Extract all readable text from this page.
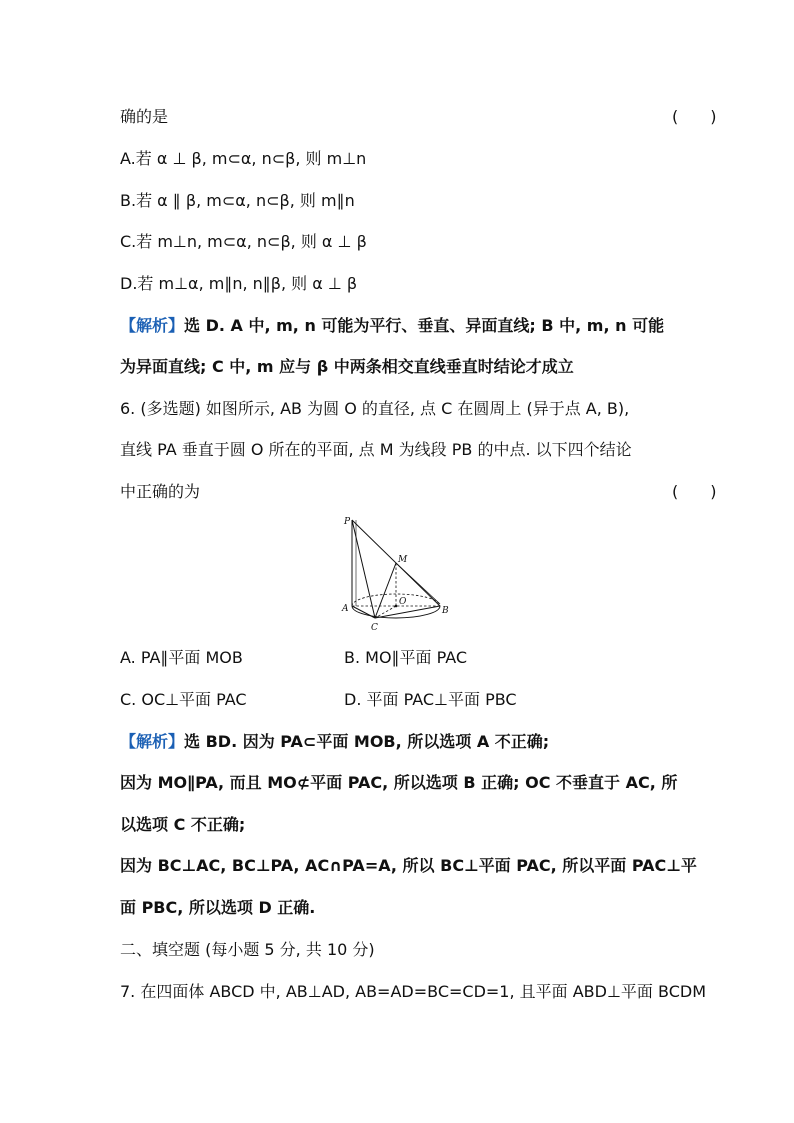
确的是	(　　)
A.若 α ⊥ β, m⊂α, n⊂β, 则 m⊥n
B.若 α ∥ β, m⊂α, n⊂β, 则 m∥n
C.若 m⊥n, m⊂α, n⊂β, 则 α ⊥ β
D.若 m⊥α, m∥n, n∥β, 则 α ⊥ β
【解析】选 D. A 中, m, n 可能为平行、垂直、异面直线; B 中, m, n 可能
为异面直线; C 中, m 应与 β 中两条相交直线垂直时结论才成立
6. (多选题) 如图所示, AB 为圆 O 的直径, 点 C 在圆周上 (异于点 A, B),
直线 PA 垂直于圆 O 所在的平面, 点 M 为线段 PB 的中点. 以下四个结论
中正确的为	(　　)
P
M
A
O
B
C
A. PA∥平面 MOB	B. MO∥平面 PAC
C. OC⊥平面 PAC	D. 平面 PAC⊥平面 PBC
【解析】选 BD. 因为 PA⊂平面 MOB, 所以选项 A 不正确;
因为 MO∥PA, 而且 MO⊄平面 PAC, 所以选项 B 正确; OC 不垂直于 AC, 所
以选项 C 不正确;
因为 BC⊥AC, BC⊥PA, AC∩PA=A, 所以 BC⊥平面 PAC, 所以平面 PAC⊥平
面 PBC, 所以选项 D 正确.
二、填空题 (每小题 5 分, 共 10 分)
7. 在四面体 ABCD 中, AB⊥AD, AB=AD=BC=CD=1, 且平面 ABD⊥平面 BCDM
